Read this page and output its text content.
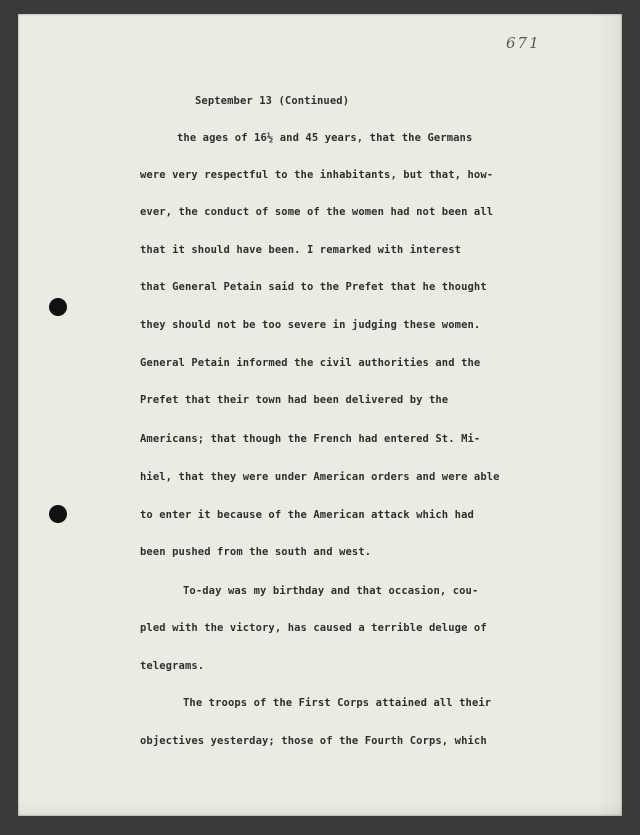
671
September 13 (Continued)
the ages of 16½ and 45 years, that the Germans
were very respectful to the inhabitants, but that, how-
ever, the conduct of some of the women had not been all
that it should have been. I remarked with interest
that General Petain said to the Prefet that he thought
they should not be too severe in judging these women.
General Petain informed the civil authorities and the
Prefet that their town had been delivered by the
Americans; that though the French had entered St. Mi-
hiel, that they were under American orders and were able
to enter it because of the American attack which had
been pushed from the south and west.
To-day was my birthday and that occasion, cou-
pled with the victory, has caused a terrible deluge of
telegrams.
The troops of the First Corps attained all their
objectives yesterday; those of the Fourth Corps, which
